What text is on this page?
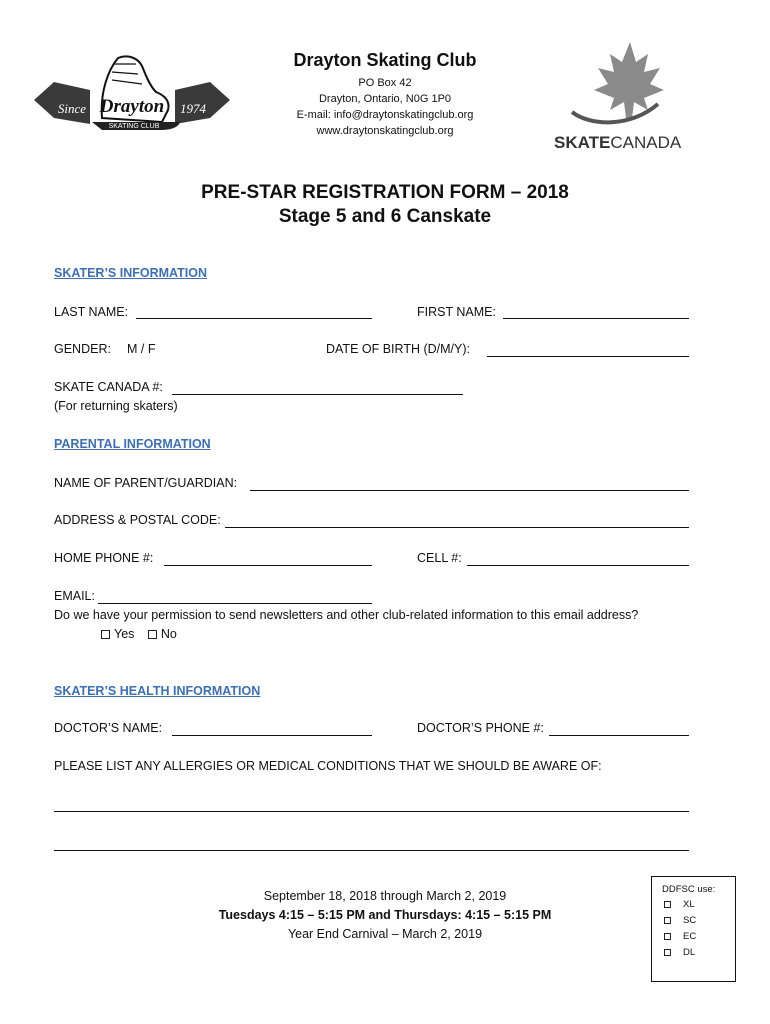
Since Drayton 1974
SKATING CLUB
Drayton Skating Club
PO Box 42
Drayton, Ontario, N0G 1P0
E-mail: info@draytonskatingclub.org
www.draytonskatingclub.org
SKATECANADA
PRE-STAR REGISTRATION FORM – 2018
Stage 5 and 6 Canskate
SKATER’S INFORMATION
LAST NAME:	FIRST NAME:
GENDER: M / F	DATE OF BIRTH (D/M/Y):
SKATE CANADA #:
(For returning skaters)
PARENTAL INFORMATION
NAME OF PARENT/GUARDIAN:
ADDRESS & POSTAL CODE:
HOME PHONE #:	CELL #:
EMAIL:
Do we have your permission to send newsletters and other club-related information to this email address?
Yes No
SKATER’S HEALTH INFORMATION
DOCTOR’S NAME:	DOCTOR’S PHONE #:
PLEASE LIST ANY ALLERGIES OR MEDICAL CONDITIONS THAT WE SHOULD BE AWARE OF:
September 18, 2018 through March 2, 2019
Tuesdays 4:15 – 5:15 PM and Thursdays: 4:15 – 5:15 PM
Year End Carnival – March 2, 2019
DDFSC use:
XL
SC
EC
DL
